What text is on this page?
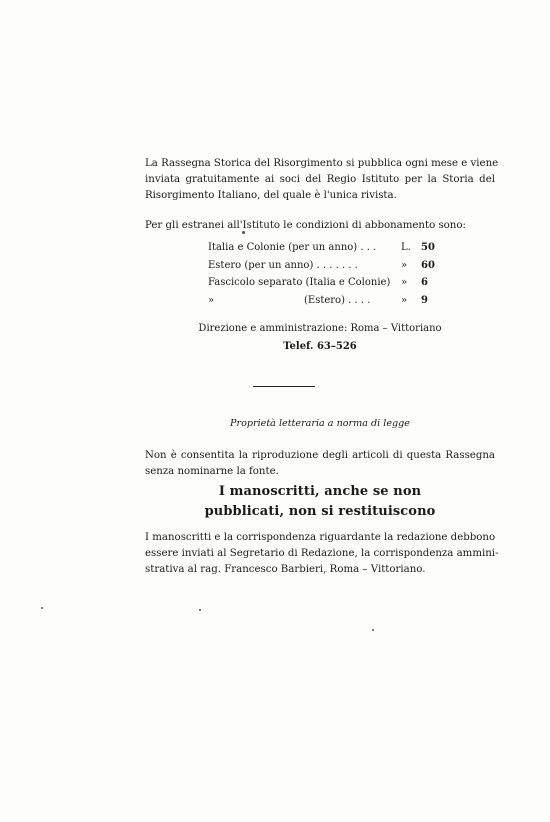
La Rassegna Storica del Risorgimento si pubblica ogni mese e viene
inviata gratuitamente ai soci del Regio Istituto per la Storia del
Risorgimento Italiano, del quale è l'unica rivista.
Per gli estranei all'Istituto le condizioni di abbonamento sono:
Italia e Colonie (per un anno) . . . L. 50
Estero (per un anno) . . . . . . .	» 60
Fascicolo separato (Italia e Colonie) » 6
»	(Estero) . . . .	» 9
Direzione e amministrazione: Roma – Vittoriano
Telef. 63–526
Proprietà letteraria a norma di legge
Non è consentita la riproduzione degli articoli di questa Rassegna
senza nominarne la fonte.
I manoscritti, anche se non
pubblicati, non si restituiscono
I manoscritti e la corrispondenza riguardante la redazione debbono
essere inviati al Segretario di Redazione, la corrispondenza ammini-
strativa al rag. Francesco Barbieri, Roma – Vittoriano.
